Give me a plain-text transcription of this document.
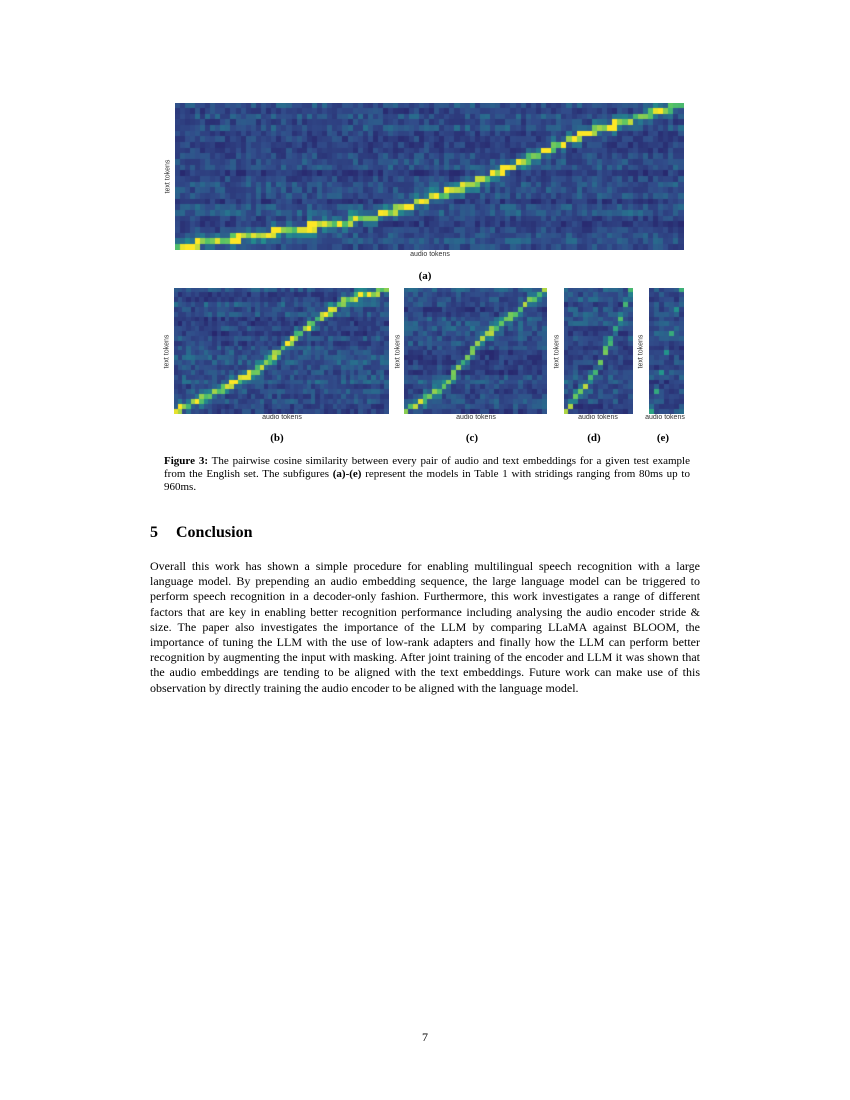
text tokens
audio tokens
(a)
text tokens
audio tokens
(b)
text tokens
audio tokens
(c)
text tokens
audio tokens
(d)
text tokens
audio tokens
(e)
Figure 3: The pairwise cosine similarity between every pair of audio and text embeddings for a given test example from the English set. The subfigures (a)-(e) represent the models in Table 1 with stridings ranging from 80ms up to 960ms.
5 Conclusion
Overall this work has shown a simple procedure for enabling multilingual speech recognition with a large language model. By prepending an audio embedding sequence, the large language model can be triggered to perform speech recognition in a decoder-only fashion. Furthermore, this work investigates a range of different factors that are key in enabling better recognition performance including analysing the audio encoder stride & size. The paper also investigates the importance of the LLM by comparing LLaMA against BLOOM, the importance of tuning the LLM with the use of low-rank adapters and finally how the LLM can perform better recognition by augmenting the input with masking. After joint training of the encoder and LLM it was shown that the audio embeddings are tending to be aligned with the text embeddings. Future work can make use of this observation by directly training the audio encoder to be aligned with the language model.
7
